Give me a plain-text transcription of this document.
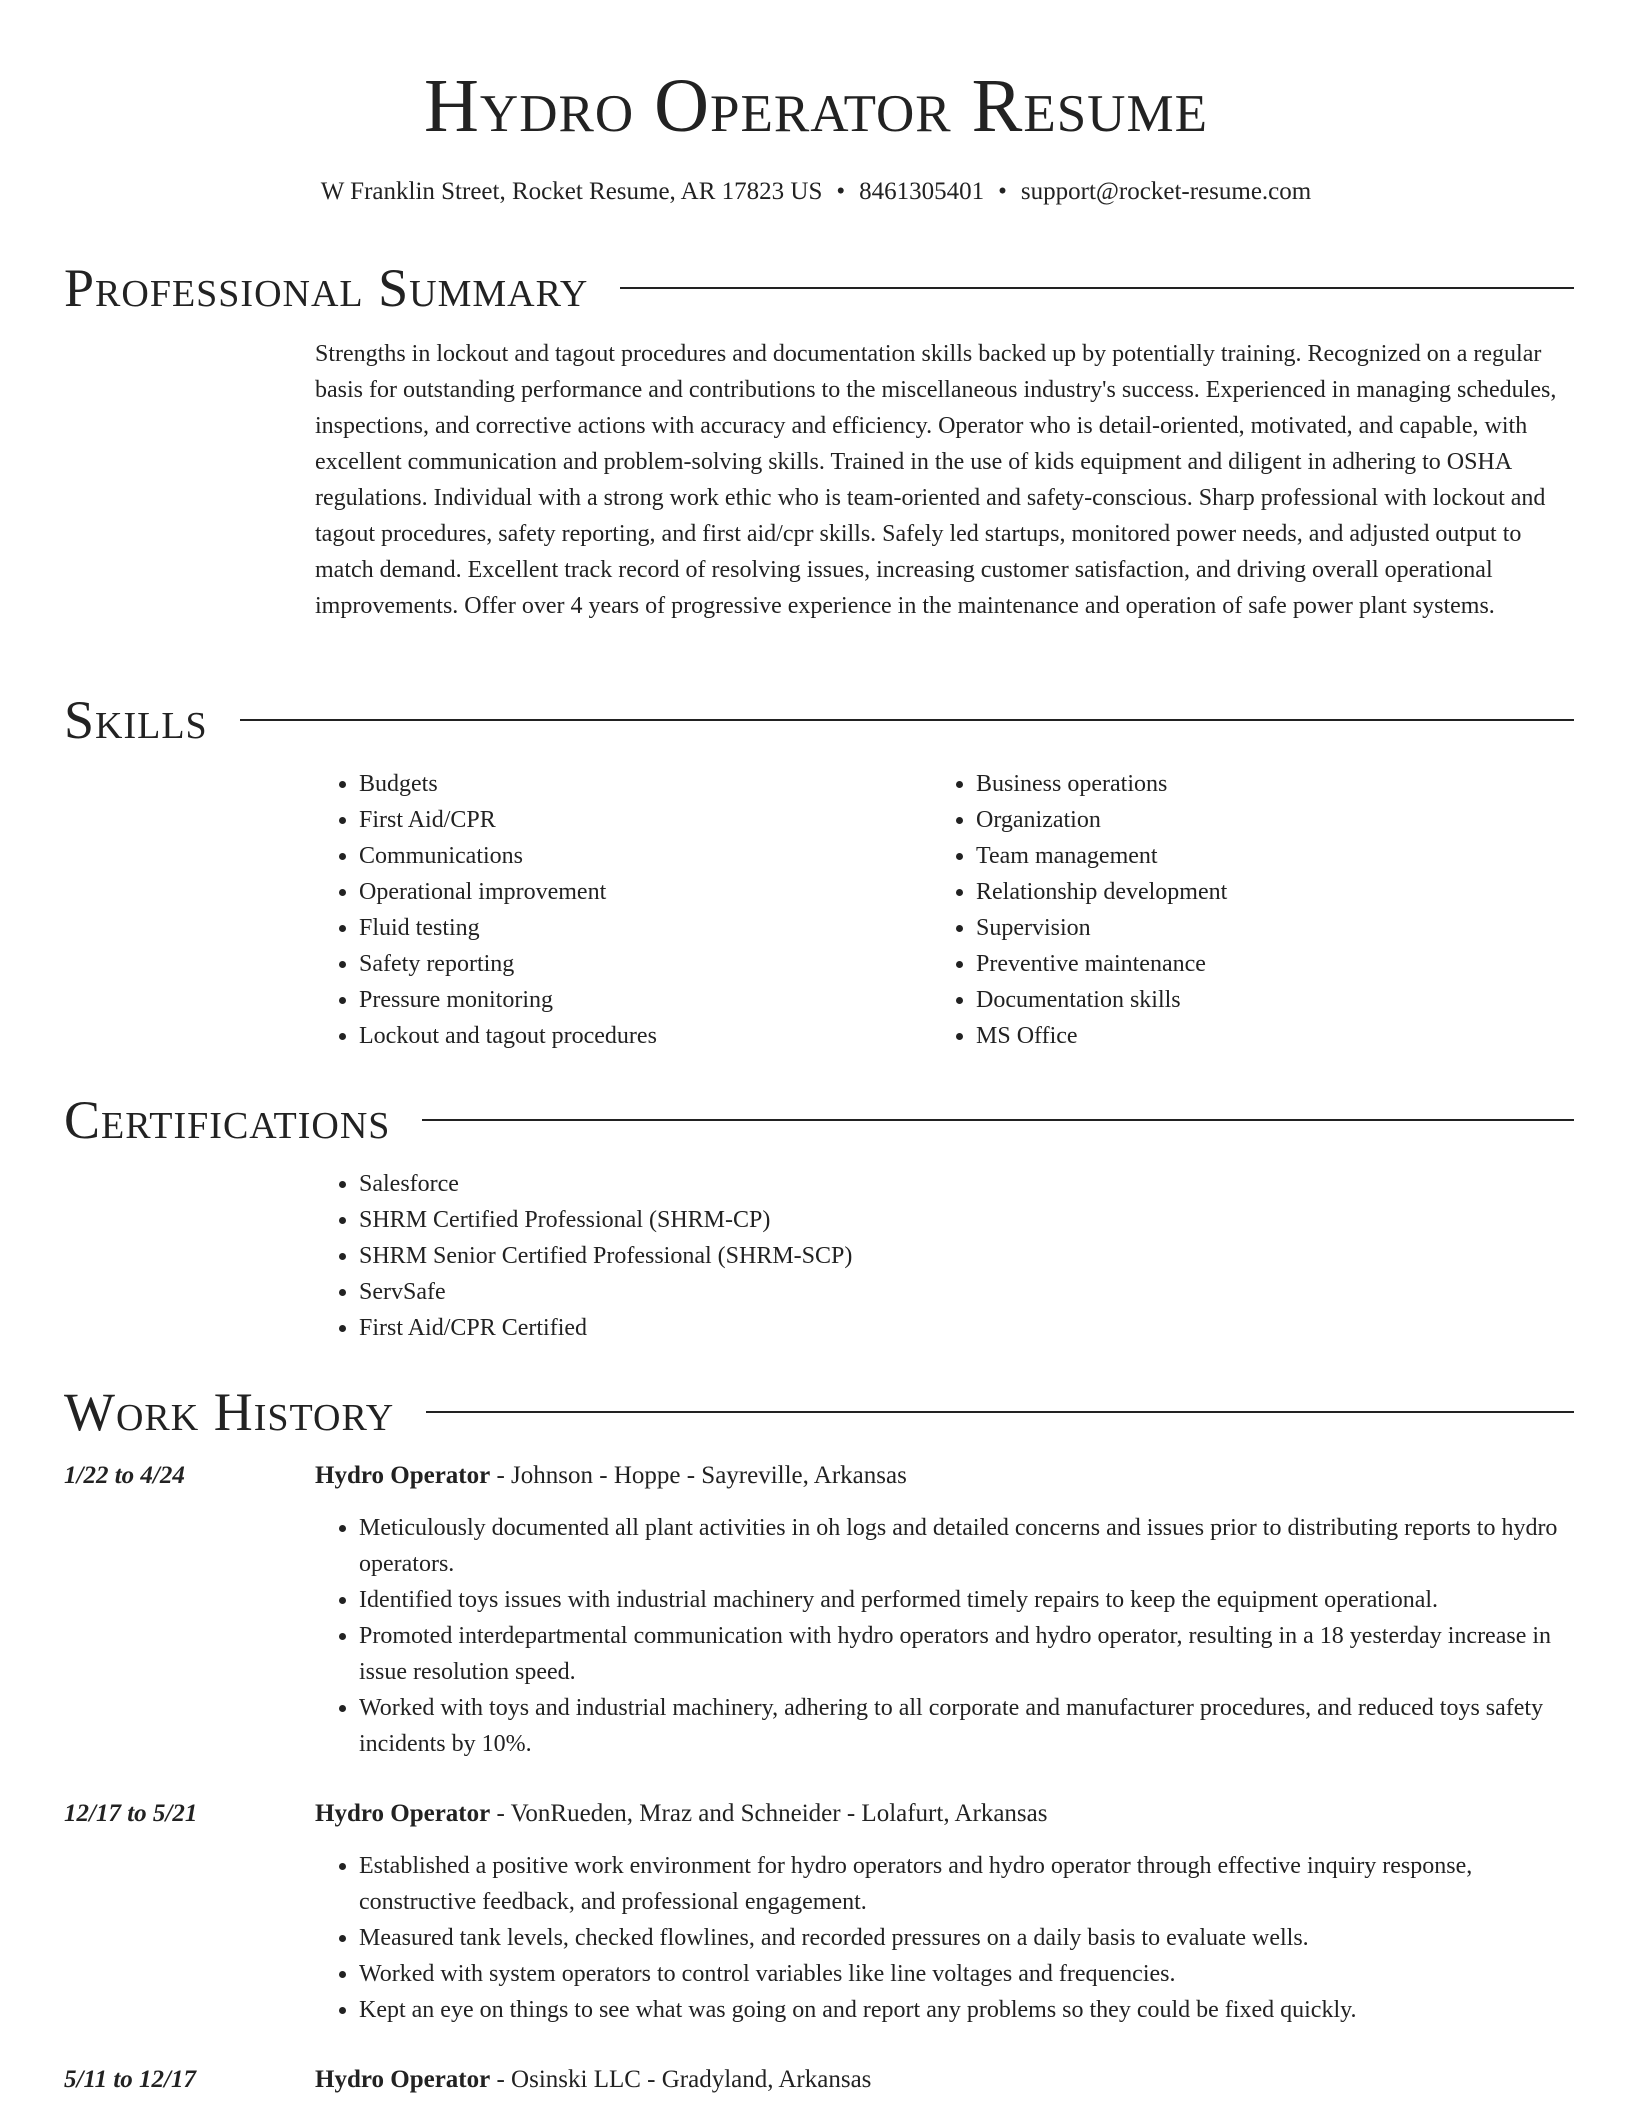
Hydro Operator Resume
W Franklin Street, Rocket Resume, AR 17823 US • 8461305401 • support@rocket-resume.com
Professional Summary
Strengths in lockout and tagout procedures and documentation skills backed up by potentially training. Recognized on a regular basis for outstanding performance and contributions to the miscellaneous industry's success. Experienced in managing schedules, inspections, and corrective actions with accuracy and efficiency. Operator who is detail-oriented, motivated, and capable, with excellent communication and problem-solving skills. Trained in the use of kids equipment and diligent in adhering to OSHA regulations. Individual with a strong work ethic who is team-oriented and safety-conscious. Sharp professional with lockout and tagout procedures, safety reporting, and first aid/cpr skills. Safely led startups, monitored power needs, and adjusted output to match demand. Excellent track record of resolving issues, increasing customer satisfaction, and driving overall operational improvements. Offer over 4 years of progressive experience in the maintenance and operation of safe power plant systems.
Skills
• Budgets
• First Aid/CPR
• Communications
• Operational improvement
• Fluid testing
• Safety reporting
• Pressure monitoring
• Lockout and tagout procedures
• Business operations
• Organization
• Team management
• Relationship development
• Supervision
• Preventive maintenance
• Documentation skills
• MS Office
Certifications
• Salesforce
• SHRM Certified Professional (SHRM-CP)
• SHRM Senior Certified Professional (SHRM-SCP)
• ServSafe
• First Aid/CPR Certified
Work History
1/22 to 4/24	Hydro Operator - Johnson - Hoppe - Sayreville, Arkansas
• Meticulously documented all plant activities in oh logs and detailed concerns and issues prior to distributing reports to hydro operators.
• Identified toys issues with industrial machinery and performed timely repairs to keep the equipment operational.
• Promoted interdepartmental communication with hydro operators and hydro operator, resulting in a 18 yesterday increase in issue resolution speed.
• Worked with toys and industrial machinery, adhering to all corporate and manufacturer procedures, and reduced toys safety incidents by 10%.
12/17 to 5/21	Hydro Operator - VonRueden, Mraz and Schneider - Lolafurt, Arkansas
• Established a positive work environment for hydro operators and hydro operator through effective inquiry response, constructive feedback, and professional engagement.
• Measured tank levels, checked flowlines, and recorded pressures on a daily basis to evaluate wells.
• Worked with system operators to control variables like line voltages and frequencies.
• Kept an eye on things to see what was going on and report any problems so they could be fixed quickly.
5/11 to 12/17	Hydro Operator - Osinski LLC - Gradyland, Arkansas
